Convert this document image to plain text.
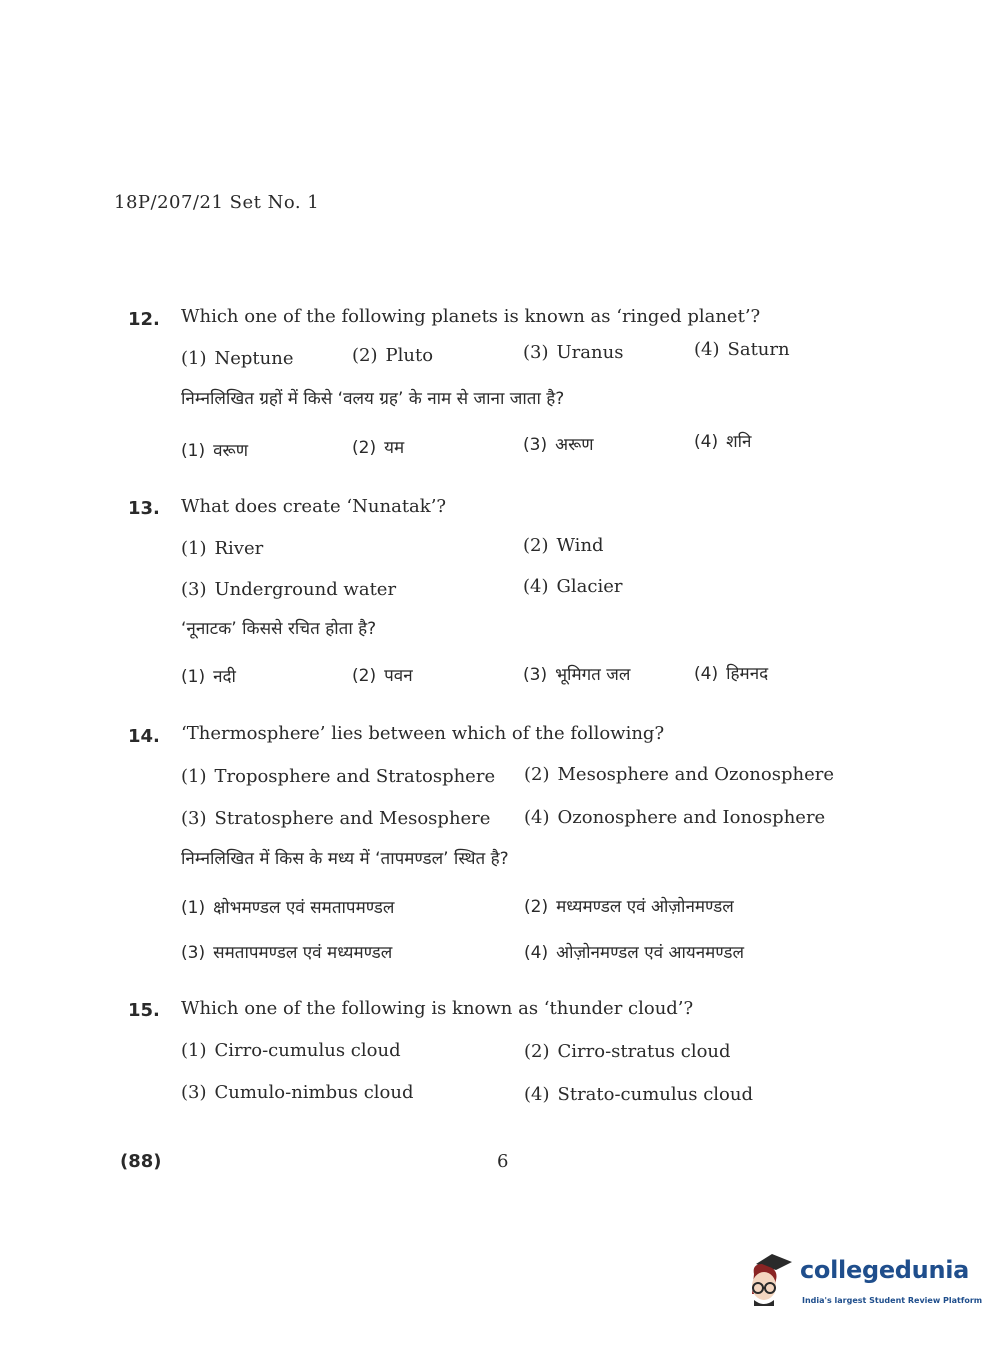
18P/207/21 Set No. 1
12. Which one of the following planets is known as ‘ringed planet’?
(1) Neptune	(2) Pluto	(3) Uranus	(4) Saturn
निम्नलिखित ग्रहों में किसे ‘वलय ग्रह’ के नाम से जाना जाता है?
(1) वरूण	(2) यम	(3) अरूण	(4) शनि
13. What does create ‘Nunatak’?
(1) River	(2) Wind
(3) Underground water	(4) Glacier
‘नूनाटक’ किससे रचित होता है?
(1) नदी	(2) पवन	(3) भूमिगत जल	(4) हिमनद
14. ‘Thermosphere’ lies between which of the following?
(1) Troposphere and Stratosphere (2) Mesosphere and Ozonosphere
(3) Stratosphere and Mesosphere (4) Ozonosphere and Ionosphere
निम्नलिखित में किस के मध्य में ‘तापमण्डल’ स्थित है?
(1) क्षोभमण्डल एवं समतापमण्डल	(2) मध्यमण्डल एवं ओज़ोनमण्डल
(3) समतापमण्डल एवं मध्यमण्डल	(4) ओज़ोनमण्डल एवं आयनमण्डल
15. Which one of the following is known as ‘thunder cloud’?
(1) Cirro-cumulus cloud	(2) Cirro-stratus cloud
(3) Cumulo-nimbus cloud	(4) Strato-cumulus cloud
(88)	6
collegedunia
India's largest Student Review Platform
